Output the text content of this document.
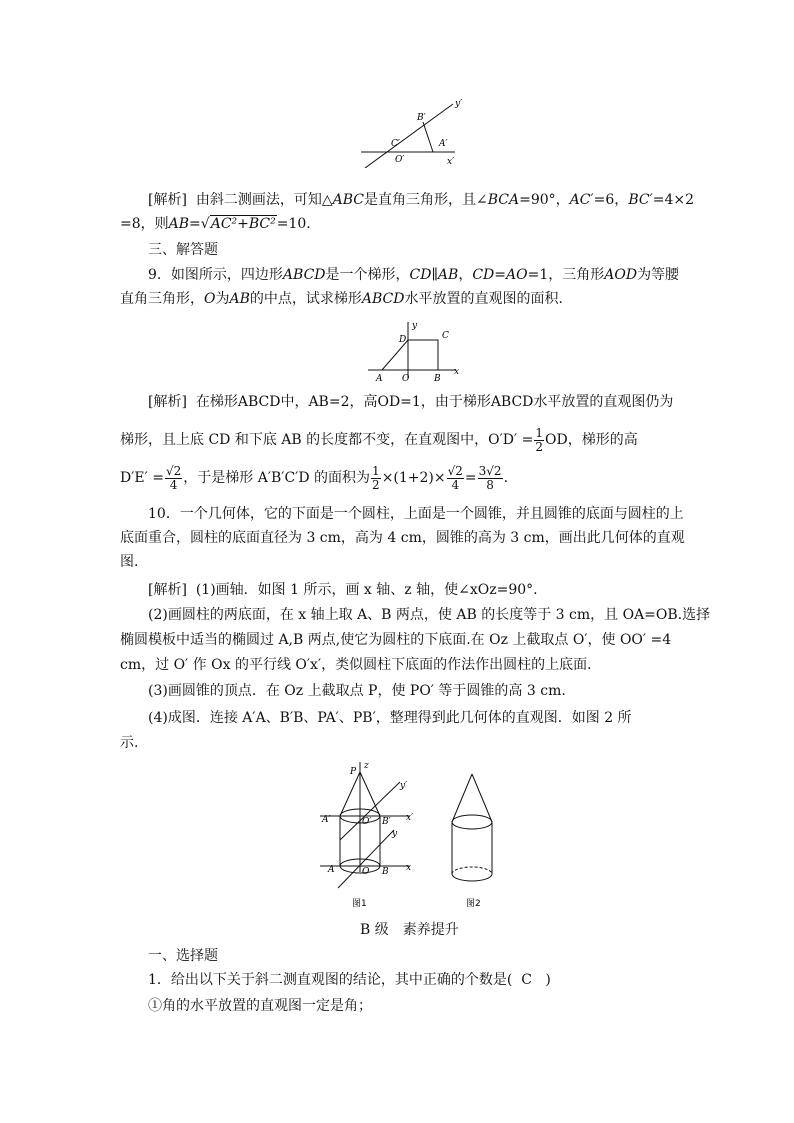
y′
B′
C′	A′
O′	x′
[解析] 由斜二测画法，可知△ABC是直角三角形，且∠BCA=90°，AC′=6，BC′=4×2
=8，则AB=√AC²+BC²=10.
三、解答题
9．如图所示，四边形ABCD是一个梯形，CD∥AB，CD=AO=1，三角形AOD为等腰
直角三角形，O为AB的中点，试求梯形ABCD水平放置的直观图的面积．
y
D	C
A O	B
x
[解析] 在梯形ABCD中，AB=2，高OD=1，由于梯形ABCD水平放置的直观图仍为
梯形，且上底 CD 和下底 AB 的长度都不变，在直观图中，$O'D' = \frac{1}{2}$ OD，梯形的高
$D'E' = \frac{√2}{4}$ ，于是梯形 A′B′C′D 的面积为 $\frac{1}{2} \times(1+2)\times \frac{√2}{4} = \frac{3√2}{8}$ .
10．一个几何体，它的下面是一个圆柱，上面是一个圆锥，并且圆锥的底面与圆柱的上
底面重合，圆柱的底面直径为 3 cm，高为 4 cm，圆锥的高为 3 cm，画出此几何体的直观
图.
[解析] (1)画轴．如图 1 所示，画 x 轴、z 轴，使∠xOz=90°.
(2)画圆柱的两底面，在 x 轴上取 A、B 两点，使 AB 的长度等于 3 cm，且 OA=OB.选择
椭圆模板中适当的椭圆过 A,B 两点,使它为圆柱的下底面.在 Oz 上截取点 O′，使 OO′ =4
cm，过 O′ 作 Ox 的平行线 O′x′，类似圆柱下底面的作法作出圆柱的上底面．
(3)画圆锥的顶点．在 Oz 上截取点 P，使 PO′ 等于圆锥的高 3 cm.
(4)成图．连接 A′A、B′B、PA′、PB′，整理得到此几何体的直观图．如图 2 所
示.
P
z
y′
A′	O′ B′ x′
y
A	O B x
图1	图2
B 级　素养提升
一、选择题
1．给出以下关于斜二测直观图的结论，其中正确的个数是( C )
①角的水平放置的直观图一定是角；
